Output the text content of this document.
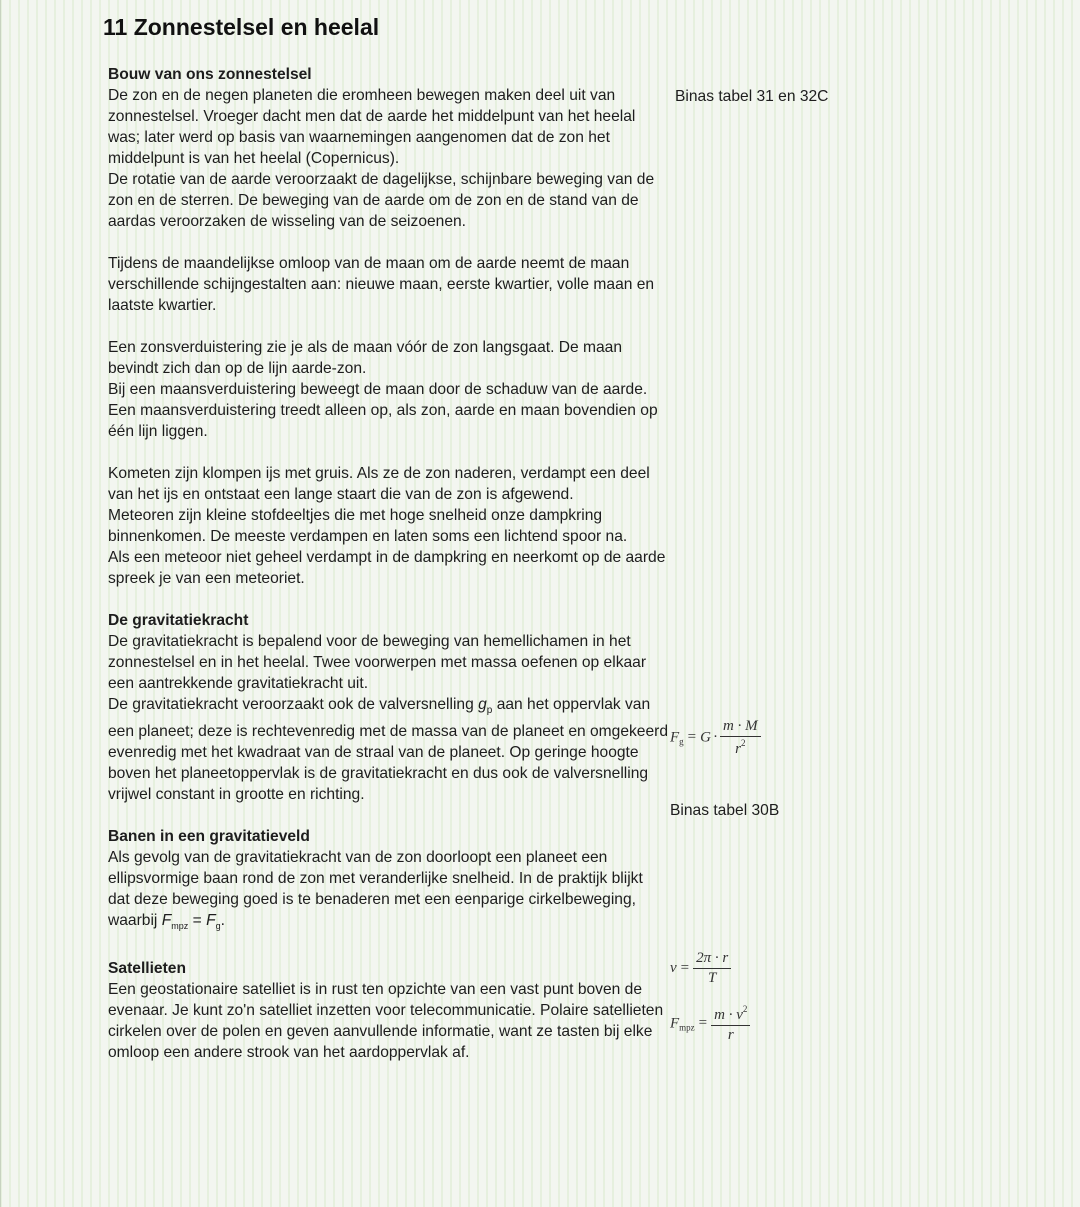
11 Zonnestelsel en heelal

Bouw van ons zonnestelsel

De zon en de negen planeten die eromheen bewegen maken deel uit van zonnestelsel. Vroeger dacht men dat de aarde het middelpunt van het heelal was; later werd op basis van waarnemingen aangenomen dat de zon het middelpunt is van het heelal (Copernicus).

De rotatie van de aarde veroorzaakt de dagelijkse, schijnbare beweging van de zon en de sterren. De beweging van de aarde om de zon en de stand van de aardas veroorzaken de wisseling van de seizoenen.

Tijdens de maandelijkse omloop van de maan om de aarde neemt de maan verschillende schijngestalten aan: nieuwe maan, eerste kwartier, volle maan en laatste kwartier.

Een zonsverduistering zie je als de maan vóór de zon langsgaat. De maan bevindt zich dan op de lijn aarde-zon.

Bij een maansverduistering beweegt de maan door de schaduw van de aarde. Een maansverduistering treedt alleen op, als zon, aarde en maan bovendien op één lijn liggen.

Kometen zijn klompen ijs met gruis. Als ze de zon naderen, verdampt een deel van het ijs en ontstaat een lange staart die van de zon is afgewend.

Meteoren zijn kleine stofdeeltjes die met hoge snelheid onze dampkring binnenkomen. De meeste verdampen en laten soms een lichtend spoor na.

Als een meteoor niet geheel verdampt in de dampkring en neerkomt op de aarde spreek je van een meteoriet.

De gravitatiekracht

De gravitatiekracht is bepalend voor de beweging van hemellichamen in het zonnestelsel en in het heelal. Twee voorwerpen met massa oefenen op elkaar een aantrekkende gravitatiekracht uit.

De gravitatiekracht veroorzaakt ook de valversnelling $g_p$ aan het oppervlak van een planeet; deze is rechtevenredig met de massa van de planeet en omgekeerd evenredig met het kwadraat van de straal van de planeet. Op geringe hoogte boven het planeetoppervlak is de gravitatiekracht en dus ook de valversnelling vrijwel constant in grootte en richting.

Banen in een gravitatieveld

Als gevolg van de gravitatiekracht van de zon doorloopt een planeet een ellipsvormige baan rond de zon met veranderlijke snelheid. In de praktijk blijkt dat deze beweging goed is te benaderen met een eenparige cirkelbeweging, waarbij $F_{mpz} = F_g$.

Satellieten

Een geostationaire satelliet is in rust ten opzichte van een vast punt boven de evenaar. Je kunt zo'n satelliet inzetten voor telecommunicatie. Polaire satellieten cirkelen over de polen en geven aanvullende informatie, want ze tasten bij elke omloop een andere strook van het aardoppervlak af.

Binas tabel 31 en 32C
$F_g = G \cdot \frac{m \cdot M}{r^2}$
Binas tabel 30B
$v = \frac{2\pi \cdot r}{T}$
$F_{mpz} = \frac{m \cdot v^2}{r}$
